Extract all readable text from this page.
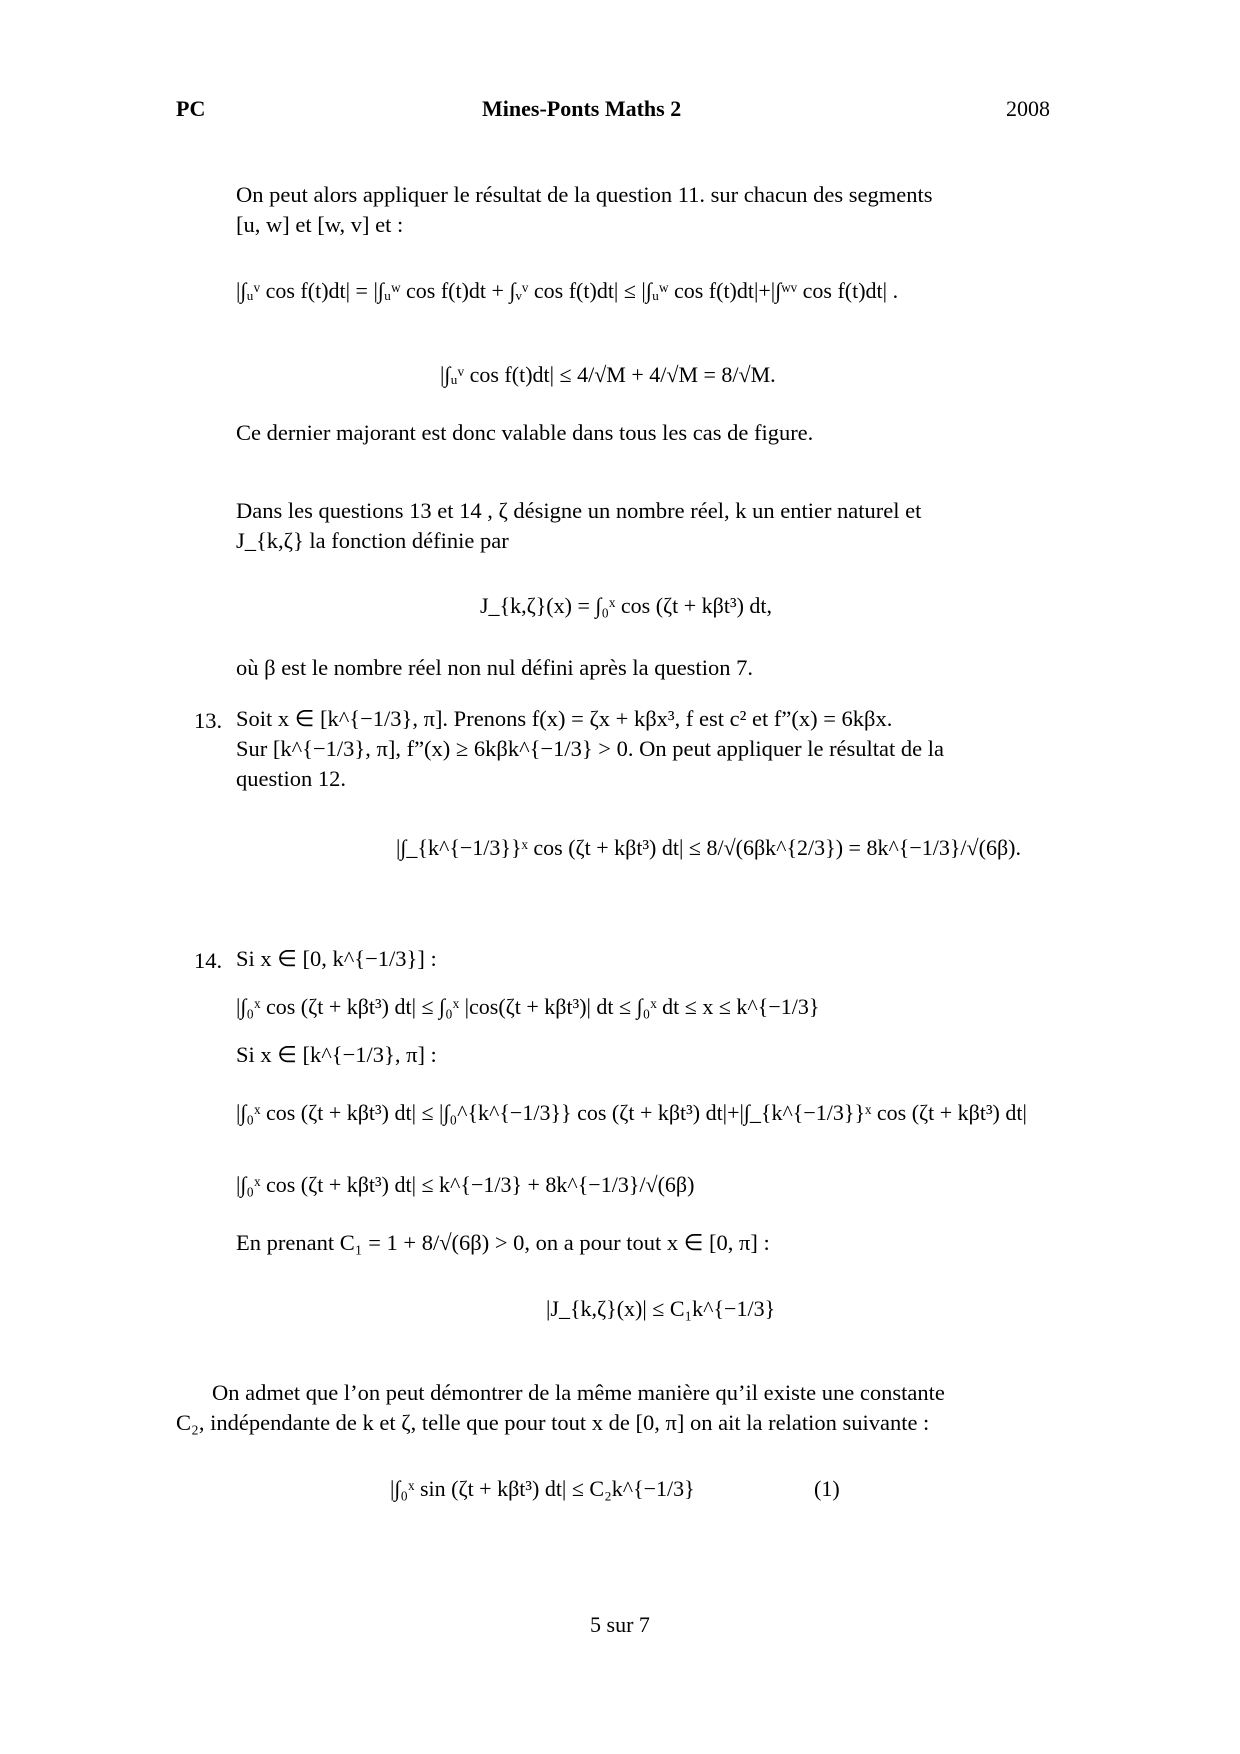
PC	Mines-Ponts Maths 2	2008
On peut alors appliquer le résultat de la question 11. sur chacun des segments
[u, w] et [w, v] et :
|∫ᵤᵛ cos f(t)dt| = |∫ᵤʷ cos f(t)dt + ∫ᵥᵛ cos f(t)dt| ≤ |∫ᵤʷ cos f(t)dt|+|∫ʷᵛ cos f(t)dt| .
|∫ᵤᵛ cos f(t)dt| ≤ 4/√M + 4/√M = 8/√M.
Ce dernier majorant est donc valable dans tous les cas de figure.
Dans les questions 13 et 14 , ζ désigne un nombre réel, k un entier naturel et
J_{k,ζ} la fonction définie par
J_{k,ζ}(x) = ∫₀ˣ cos (ζt + kβt³) dt,
où β est le nombre réel non nul défini après la question 7.
13. Soit x ∈ [k^{−1/3}, π]. Prenons f(x) = ζx + kβx³, f est c² et f”(x) = 6kβx.
Sur [k^{−1/3}, π], f”(x) ≥ 6kβk^{−1/3} > 0. On peut appliquer le résultat de la
question 12.
|∫_{k^{−1/3}}ˣ cos (ζt + kβt³) dt| ≤ 8/√(6βk^{2/3}) = 8k^{−1/3}/√(6β).
14. Si x ∈ [0, k^{−1/3}] :
|∫₀ˣ cos (ζt + kβt³) dt| ≤ ∫₀ˣ |cos(ζt + kβt³)| dt ≤ ∫₀ˣ dt ≤ x ≤ k^{−1/3}
Si x ∈ [k^{−1/3}, π] :
|∫₀ˣ cos (ζt + kβt³) dt| ≤ |∫₀^{k^{−1/3}} cos (ζt + kβt³) dt|+|∫_{k^{−1/3}}ˣ cos (ζt + kβt³) dt|
|∫₀ˣ cos (ζt + kβt³) dt| ≤ k^{−1/3} + 8k^{−1/3}/√(6β)
En prenant C₁ = 1 + 8/√(6β) > 0, on a pour tout x ∈ [0, π] :
|J_{k,ζ}(x)| ≤ C₁k^{−1/3}
On admet que l’on peut démontrer de la même manière qu’il existe une constante
C₂, indépendante de k et ζ, telle que pour tout x de [0, π] on ait la relation suivante :
|∫₀ˣ sin (ζt + kβt³) dt| ≤ C₂k^{−1/3}	(1)
5 sur 7
